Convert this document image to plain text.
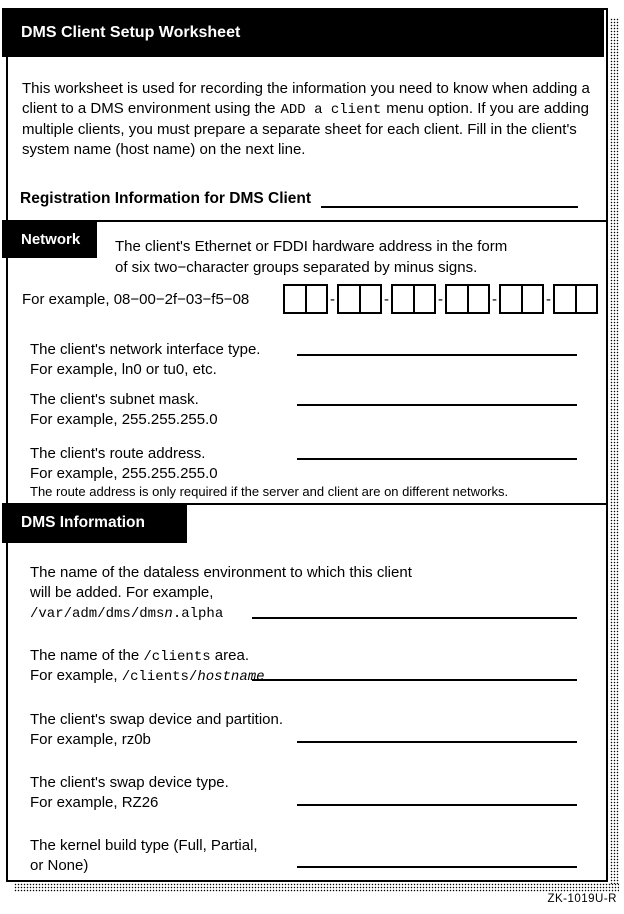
DMS Client Setup Worksheet
This worksheet is used for recording the information you need to know when adding a client to a DMS environment using the ADD a client menu option. If you are adding multiple clients, you must prepare a separate sheet for each client. Fill in the client's system name (host name) on the next line.
Registration Information for DMS Client
Network The client's Ethernet or FDDI hardware address in the form
of six two−character groups separated by minus signs.
For example, 08−00−2f−03−f5−08	-	-	-	-	-
The client's network interface type.
For example, ln0 or tu0, etc.
The client's subnet mask.
For example, 255.255.255.0
The client's route address.
For example, 255.255.255.0
The route address is only required if the server and client are on different networks.
DMS Information
The name of the dataless environment to which this client
will be added. For example,
/var/adm/dms/dmsn.alpha
The name of the /clients area.
For example, /clients/hostname
The client's swap device and partition.
For example, rz0b
The client's swap device type.
For example, RZ26
The kernel build type (Full, Partial,
or None)
ZK-1019U-R
